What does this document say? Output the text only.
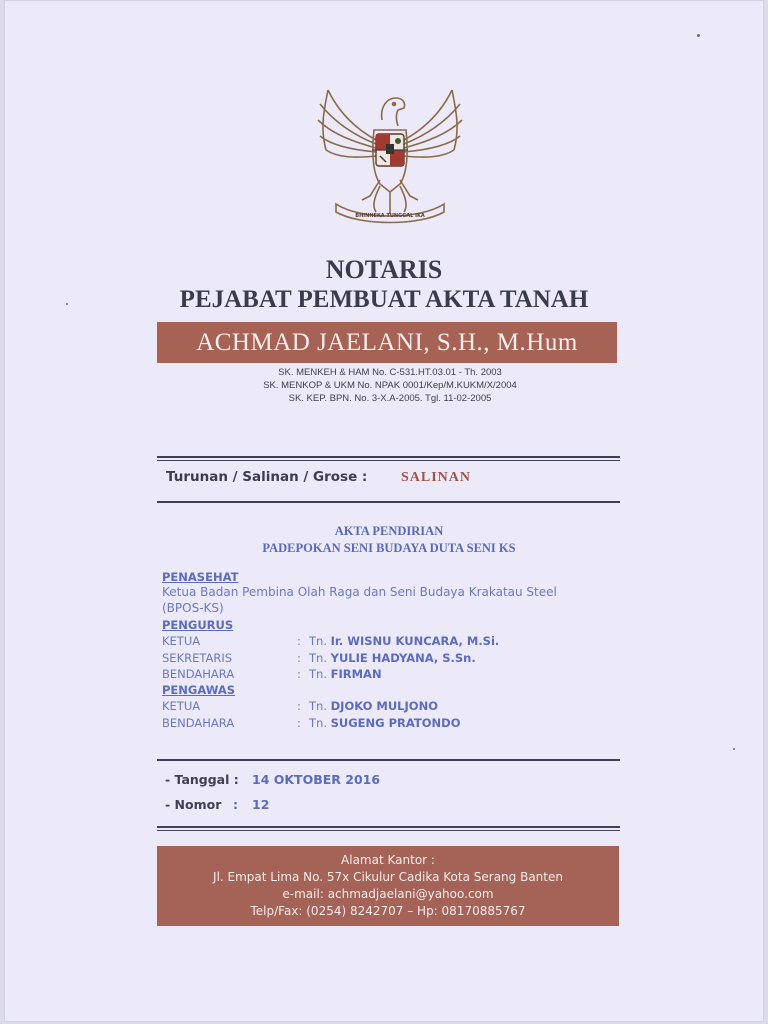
BHINNEKA TUNGGAL IKA
NOTARIS
PEJABAT PEMBUAT AKTA TANAH
ACHMAD JAELANI, S.H., M.Hum
SK. MENKEH & HAM No. C-531.HT.03.01 - Th. 2003
SK. MENKOP & UKM No. NPAK 0001/Kep/M.KUKM/X/2004
SK. KEP. BPN. No. 3-X.A-2005. Tgl. 11-02-2005
Turunan / Salinan / Grose : SALINAN
AKTA PENDIRIAN
PADEPOKAN SENI BUDAYA DUTA SENI KS
PENASEHAT
Ketua Badan Pembina Olah Raga dan Seni Budaya Krakatau Steel
(BPOS-KS)
PENGURUS
KETUA	: Tn. Ir. WISNU KUNCARA, M.Si.
SEKRETARIS	: Tn. YULIE HADYANA, S.Sn.
BENDAHARA	: Tn. FIRMAN
PENGAWAS
KETUA	: Tn. DJOKO MULJONO
BENDAHARA	: Tn. SUGENG PRATONDO
- Tanggal : 14 OKTOBER 2016
- Nomor : 12
Alamat Kantor :
Jl. Empat Lima No. 57x Cikulur Cadika Kota Serang Banten
e-mail: achmadjaelani@yahoo.com
Telp/Fax: (0254) 8242707 – Hp: 08170885767
